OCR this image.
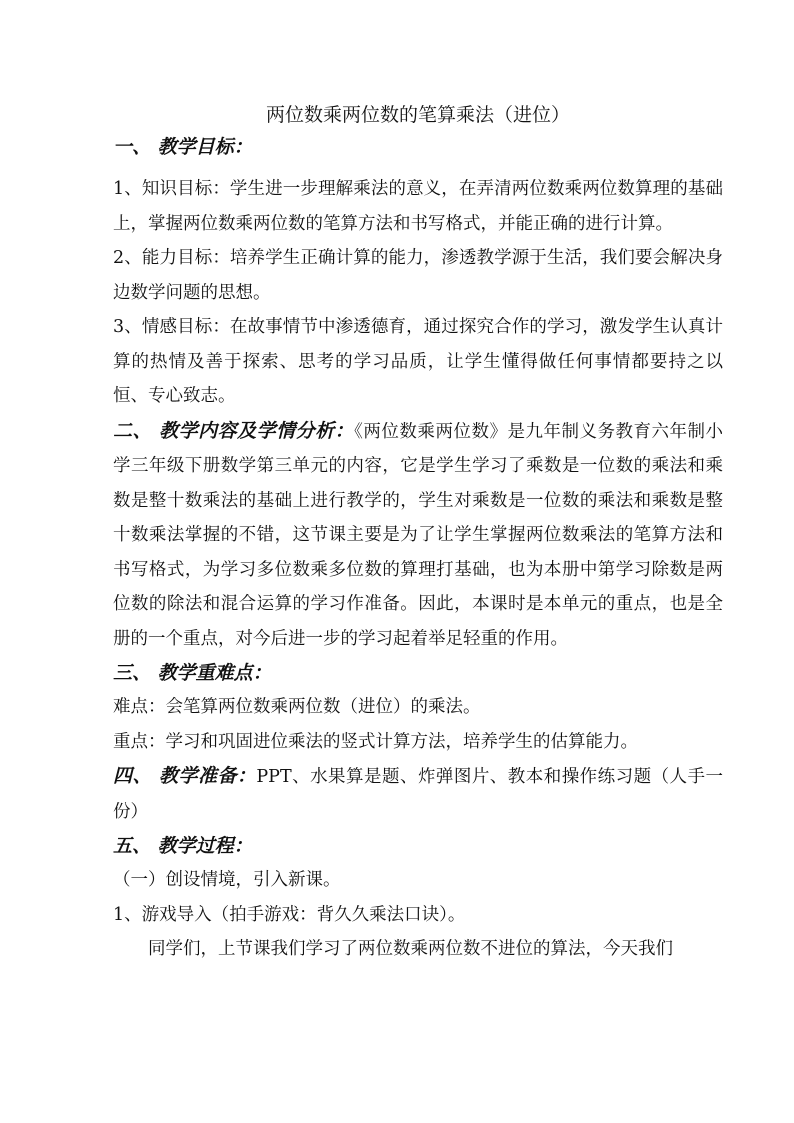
两位数乘两位数的笔算乘法（进位）
一、 教学目标：

1、知识目标：学生进一步理解乘法的意义，在弄清两位数乘两位数算理的基础上，掌握两位数乘两位数的笔算方法和书写格式，并能正确的进行计算。

2、能力目标：培养学生正确计算的能力，渗透教学源于生活，我们要会解决身边数学问题的思想。

3、情感目标：在故事情节中渗透德育，通过探究合作的学习，激发学生认真计算的热情及善于探索、思考的学习品质，让学生懂得做任何事情都要持之以恒、专心致志。

二、 教学内容及学情分析：《两位数乘两位数》是九年制义务教育六年制小学三年级下册数学第三单元的内容，它是学生学习了乘数是一位数的乘法和乘数是整十数乘法的基础上进行教学的，学生对乘数是一位数的乘法和乘数是整十数乘法掌握的不错，这节课主要是为了让学生掌握两位数乘法的笔算方法和书写格式，为学习多位数乘多位数的算理打基础，也为本册中第学习除数是两位数的除法和混合运算的学习作准备。因此，本课时是本单元的重点，也是全册的一个重点，对今后进一步的学习起着举足轻重的作用。

三、 教学重难点：

难点：会笔算两位数乘两位数（进位）的乘法。

重点：学习和巩固进位乘法的竖式计算方法，培养学生的估算能力。

四、 教学准备：PPT、水果算是题、炸弹图片、教本和操作练习题（人手一份）

五、 教学过程：

（一）创设情境，引入新课。

1、游戏导入（拍手游戏：背久久乘法口诀）。

同学们，上节课我们学习了两位数乘两位数不进位的算法，今天我们
